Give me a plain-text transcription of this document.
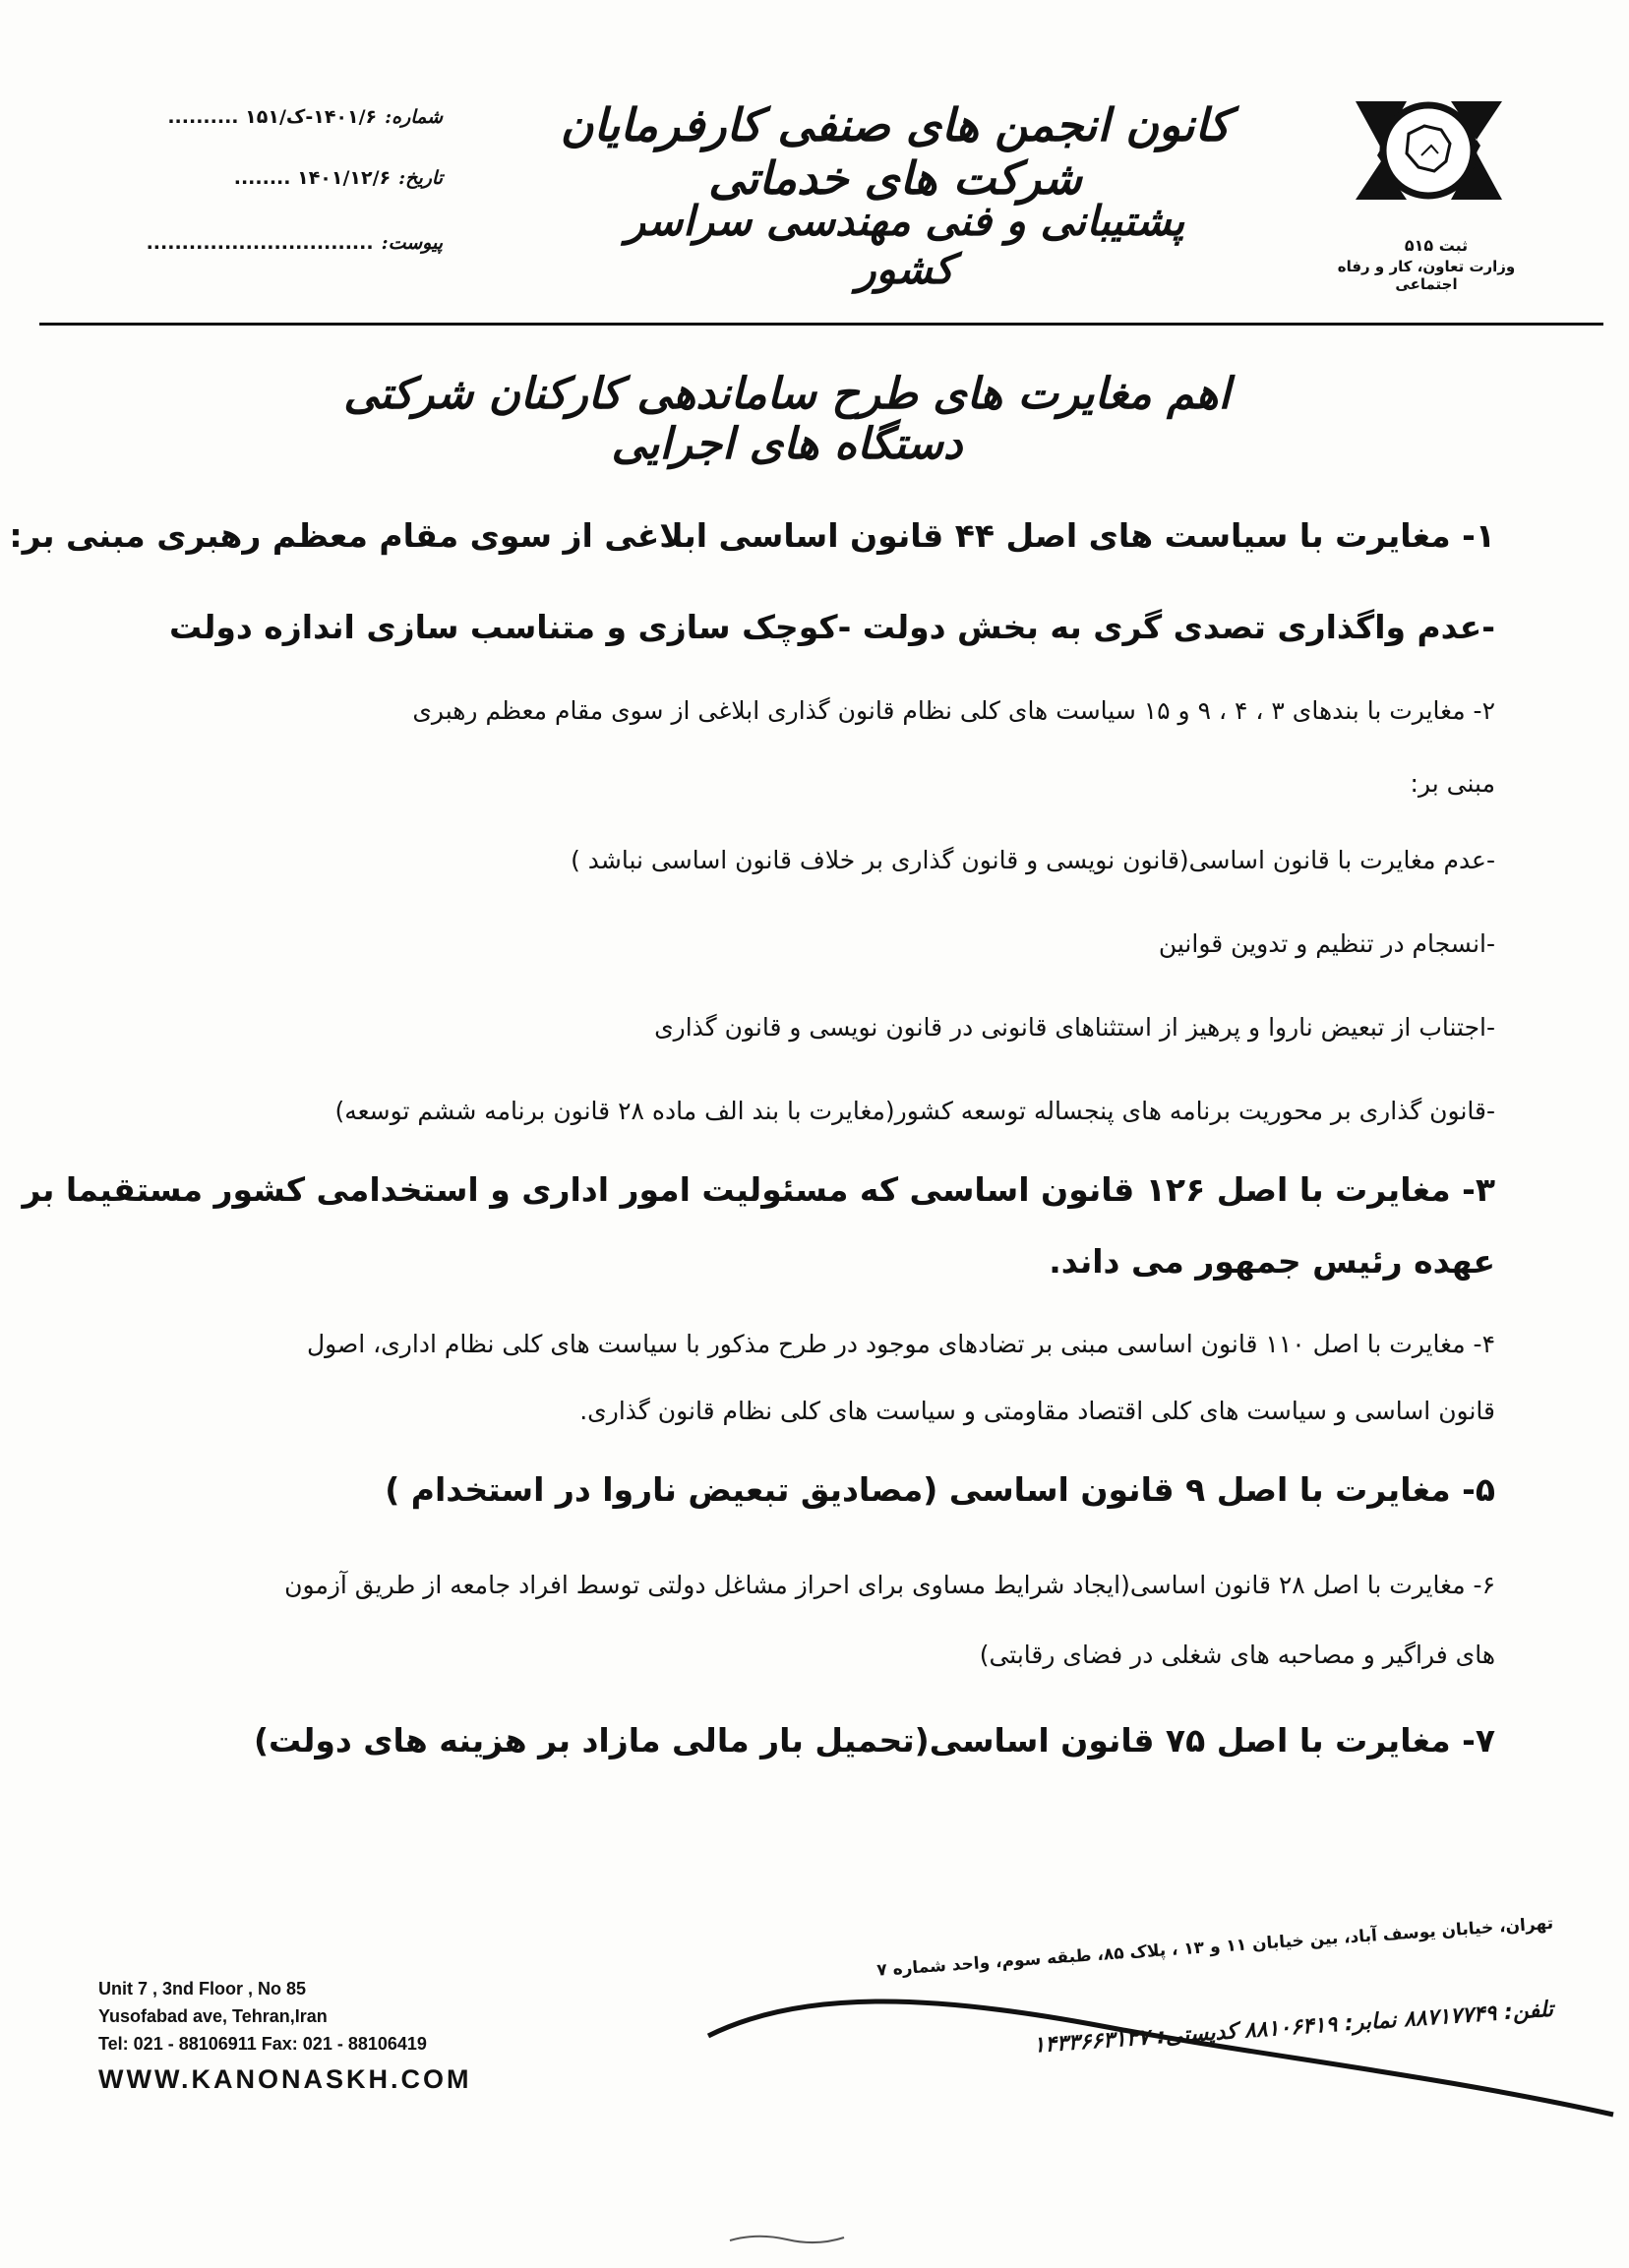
ثبت ۵۱۵
وزارت تعاون، کار و رفاه اجتماعی
کانون انجمن های صنفی کارفرمایان شرکت های خدماتی
پشتیبانی و فنی مهندسی سراسر کشور
شماره:۱۴۰۱/۶-ک/۱۵۱ ..........
تاریخ:۱۴۰۱/۱۲/۶ ........
پیوست:................................
اهم مغایرت های طرح ساماندهی کارکنان شرکتی دستگاه های اجرایی
۱- مغایرت با سیاست های اصل ۴۴ قانون اساسی ابلاغی از سوی مقام معظم رهبری مبنی بر:
-عدم واگذاری تصدی گری به بخش دولت -کوچک سازی و متناسب سازی اندازه دولت
۲- مغایرت با بندهای ۳ ، ۴ ، ۹ و ۱۵ سیاست های کلی نظام قانون گذاری ابلاغی از سوی مقام معظم رهبری
مبنی بر:
-عدم مغایرت با قانون اساسی(قانون نویسی و قانون گذاری بر خلاف قانون اساسی نباشد )
-انسجام در تنظیم و تدوین قوانین
-اجتناب از تبعیض ناروا و پرهیز از استثناهای قانونی در قانون نویسی و قانون گذاری
-قانون گذاری بر محوریت برنامه های پنجساله توسعه کشور(مغایرت با بند الف ماده ۲۸ قانون برنامه ششم توسعه)
۳- مغایرت با اصل ۱۲۶ قانون اساسی که مسئولیت امور اداری و استخدامی کشور مستقیما بر
عهده رئیس جمهور می داند.
۴- مغایرت با اصل ۱۱۰ قانون اساسی مبنی بر تضادهای موجود در طرح مذکور با سیاست های کلی نظام اداری، اصول
قانون اساسی و سیاست های کلی اقتصاد مقاومتی و سیاست های کلی نظام قانون گذاری.
۵- مغایرت با اصل ۹ قانون اساسی (مصادیق تبعیض ناروا در استخدام )
۶- مغایرت با اصل ۲۸ قانون اساسی(ایجاد شرایط مساوی برای احراز مشاغل دولتی توسط افراد جامعه از طریق آزمون
های فراگیر و مصاحبه های شغلی در فضای رقابتی)
۷- مغایرت با اصل ۷۵ قانون اساسی(تحمیل بار مالی مازاد بر هزینه های دولت)
Unit 7 , 3nd Floor , No 85
Yusofabad ave, Tehran,Iran
Tel: 021 - 88106911 Fax: 021 - 88106419
WWW.KANONASKH.COM
تهران، خیابان یوسف آباد، بین خیابان ۱۱ و ۱۳ ، پلاک ۸۵، طبقه سوم، واحد شماره ۷
تلفن: ۸۸۷۱۷۷۴۹ نمابر: ۸۸۱۰۶۴۱۹ کدپستی: ۱۴۳۳۶۶۳۱۳۷
